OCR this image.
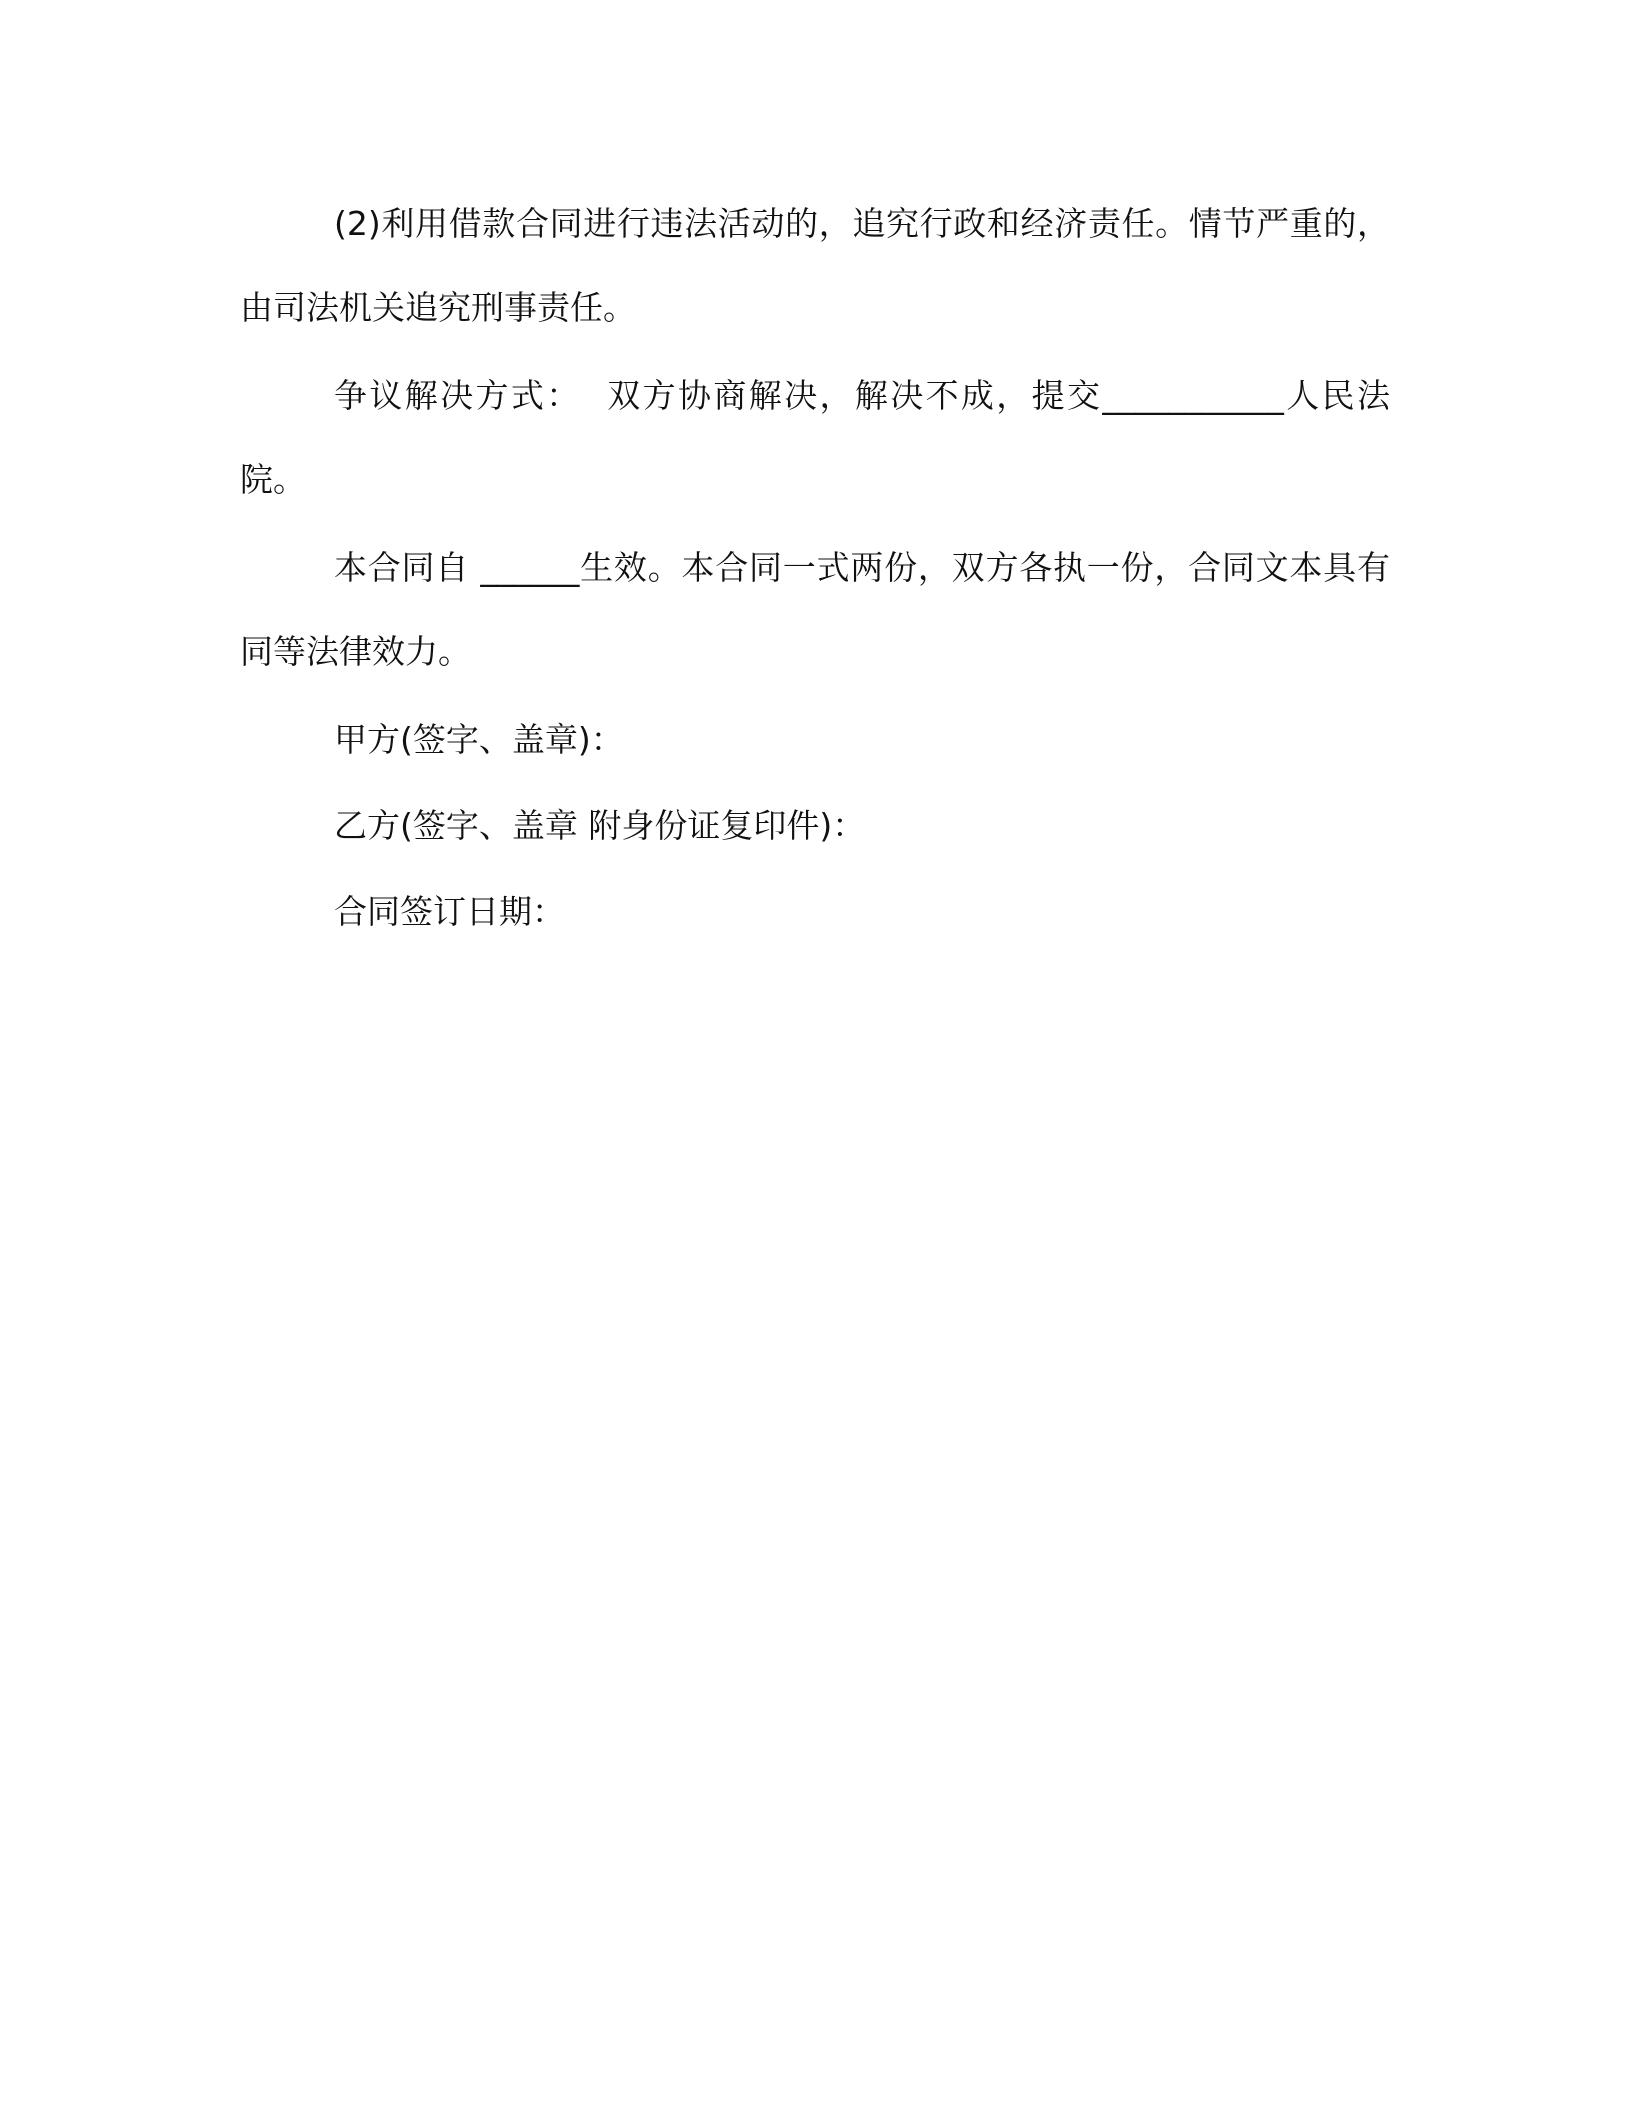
(2)利用借款合同进行违法活动的，追究行政和经济责任。情节严重的，由司法机关追究刑事责任。

争议解决方式：  双方协商解决，解决不成，提交___________人民法院。

本合同自 ______生效。本合同一式两份，双方各执一份，合同文本具有同等法律效力。

甲方(签字、盖章)：

乙方(签字、盖章 附身份证复印件)：

合同签订日期：
